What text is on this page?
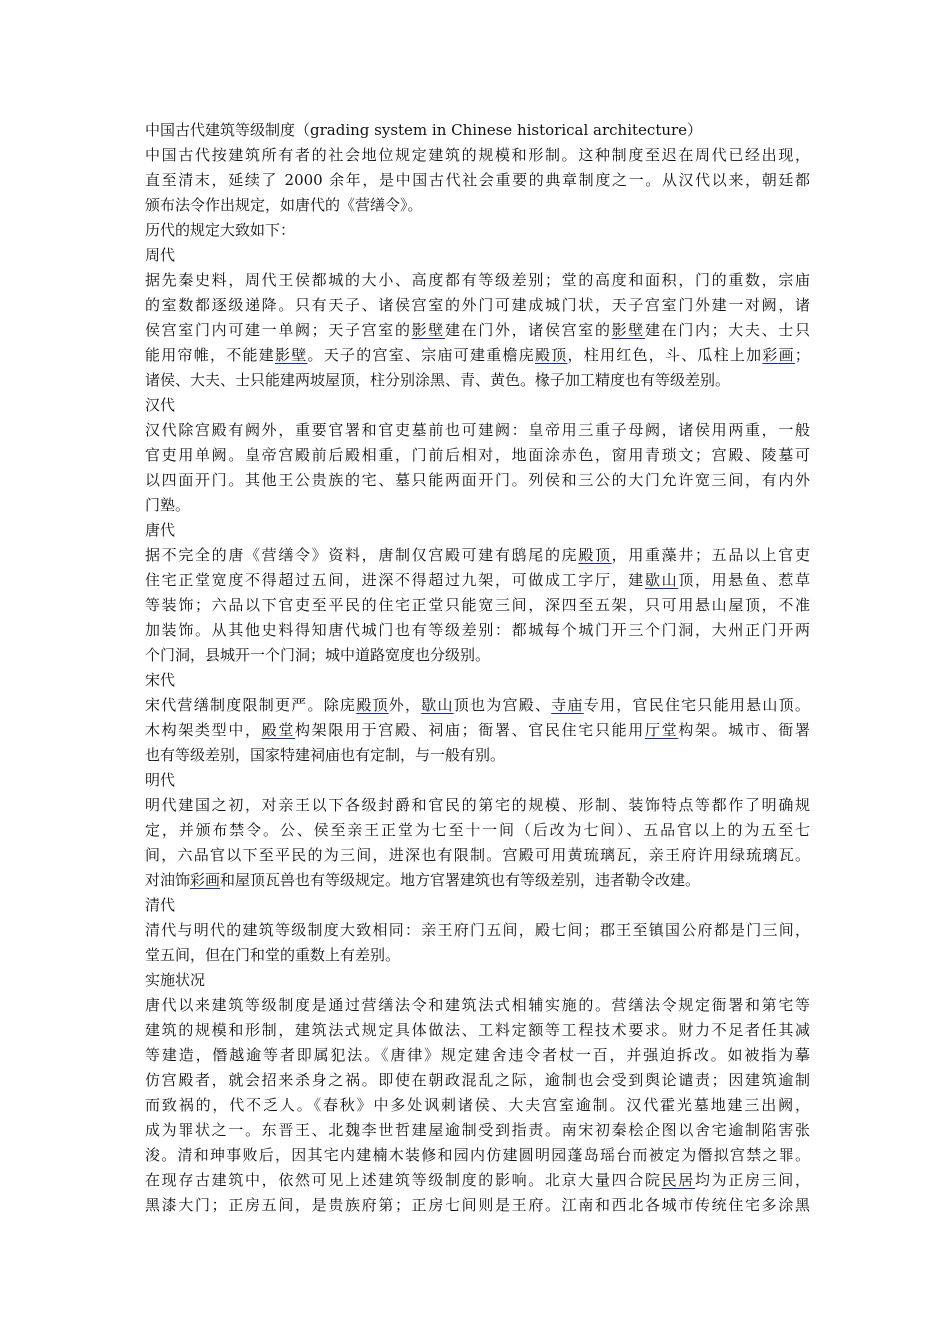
中国古代建筑等级制度（grading system in Chinese historical architecture）
中国古代按建筑所有者的社会地位规定建筑的规模和形制。这种制度至迟在周代已经出现，
直至清末，延续了 2000 余年，是中国古代社会重要的典章制度之一。从汉代以来，朝廷都
颁布法令作出规定，如唐代的《营缮令》。
历代的规定大致如下：
周代
据先秦史料，周代王侯都城的大小、高度都有等级差别；堂的高度和面积，门的重数，宗庙
的室数都逐级递降。只有天子、诸侯宫室的外门可建成城门状，天子宫室门外建一对阙，诸
侯宫室门内可建一单阙；天子宫室的影壁建在门外，诸侯宫室的影壁建在门内；大夫、士只
能用帘帷，不能建影壁。天子的宫室、宗庙可建重檐庑殿顶，柱用红色，斗、瓜柱上加彩画；
诸侯、大夫、士只能建两坡屋顶，柱分别涂黑、青、黄色。椽子加工精度也有等级差别。
汉代
汉代除宫殿有阙外，重要官署和官吏墓前也可建阙：皇帝用三重子母阙，诸侯用两重，一般
官吏用单阙。皇帝宫殿前后殿相重，门前后相对，地面涂赤色，窗用青琐文；宫殿、陵墓可
以四面开门。其他王公贵族的宅、墓只能两面开门。列侯和三公的大门允许宽三间，有内外
门塾。
唐代
据不完全的唐《营缮令》资料，唐制仅宫殿可建有鸱尾的庑殿顶，用重藻井；五品以上官吏
住宅正堂宽度不得超过五间，进深不得超过九架，可做成工字厅，建歇山顶，用悬鱼、惹草
等装饰；六品以下官吏至平民的住宅正堂只能宽三间，深四至五架，只可用悬山屋顶，不准
加装饰。从其他史料得知唐代城门也有等级差别：都城每个城门开三个门洞，大州正门开两
个门洞，县城开一个门洞；城中道路宽度也分级别。
宋代
宋代营缮制度限制更严。除庑殿顶外，歇山顶也为宫殿、寺庙专用，官民住宅只能用悬山顶。
木构架类型中，殿堂构架限用于宫殿、祠庙；衙署、官民住宅只能用厅堂构架。城市、衙署
也有等级差别，国家特建祠庙也有定制，与一般有别。
明代
明代建国之初，对亲王以下各级封爵和官民的第宅的规模、形制、装饰特点等都作了明确规
定，并颁布禁令。公、侯至亲王正堂为七至十一间（后改为七间）、五品官以上的为五至七
间，六品官以下至平民的为三间，进深也有限制。宫殿可用黄琉璃瓦，亲王府许用绿琉璃瓦。
对油饰彩画和屋顶瓦兽也有等级规定。地方官署建筑也有等级差别，违者勒令改建。
清代
清代与明代的建筑等级制度大致相同：亲王府门五间，殿七间；郡王至镇国公府都是门三间，
堂五间，但在门和堂的重数上有差别。
实施状况
唐代以来建筑等级制度是通过营缮法令和建筑法式相辅实施的。营缮法令规定衙署和第宅等
建筑的规模和形制，建筑法式规定具体做法、工料定额等工程技术要求。财力不足者任其减
等建造，僭越逾等者即属犯法。《唐律》规定建舍违令者杖一百，并强迫拆改。如被指为摹
仿宫殿者，就会招来杀身之祸。即使在朝政混乱之际，逾制也会受到舆论谴责；因建筑逾制
而致祸的，代不乏人。《春秋》中多处讽刺诸侯、大夫宫室逾制。汉代霍光墓地建三出阙，
成为罪状之一。东晋王、北魏李世哲建屋逾制受到指责。南宋初秦桧企图以舍宅逾制陷害张
浚。清和珅事败后，因其宅内建楠木装修和园内仿建圆明园蓬岛瑶台而被定为僭拟宫禁之罪。
在现存古建筑中，依然可见上述建筑等级制度的影响。北京大量四合院民居均为正房三间，
黑漆大门；正房五间，是贵族府第；正房七间则是王府。江南和西北各城市传统住宅多涂黑
